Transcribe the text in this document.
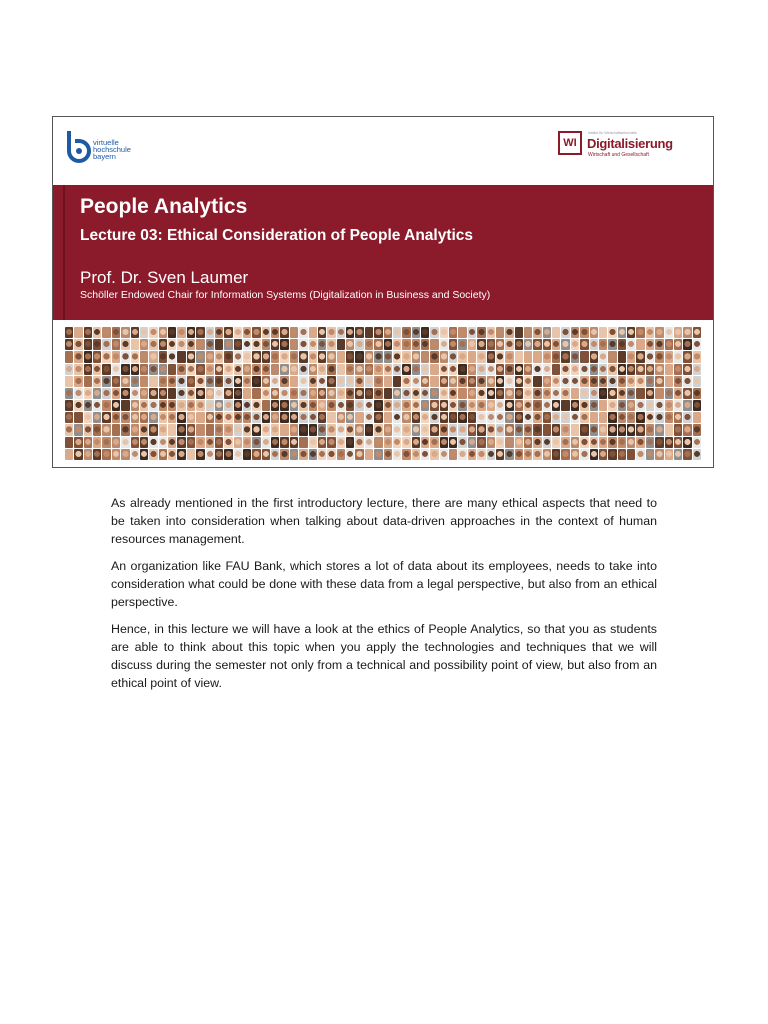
virtuelle
hochschule
bayern
WI
Institut für Wirtschaftsinformatik
Digitalisierung
Wirtschaft und Gesellschaft
People Analytics
Lecture 03: Ethical Consideration of People Analytics
Prof. Dr. Sven Laumer
Schöller Endowed Chair for Information Systems (Digitalization in Business and Society)

As already mentioned in the first introductory lecture, there are many ethical aspects that need to be taken into consideration when talking about data-driven approaches in the context of human resources management.

An organization like FAU Bank, which stores a lot of data about its employees, needs to take into consideration what could be done with these data from a legal perspective, but also from an ethical perspective.

Hence, in this lecture we will have a look at the ethics of People Analytics, so that you as students are able to think about this topic when you apply the technologies and techniques that we will discuss during the semester not only from a technical and possibility point of view, but also from an ethical point of view.
